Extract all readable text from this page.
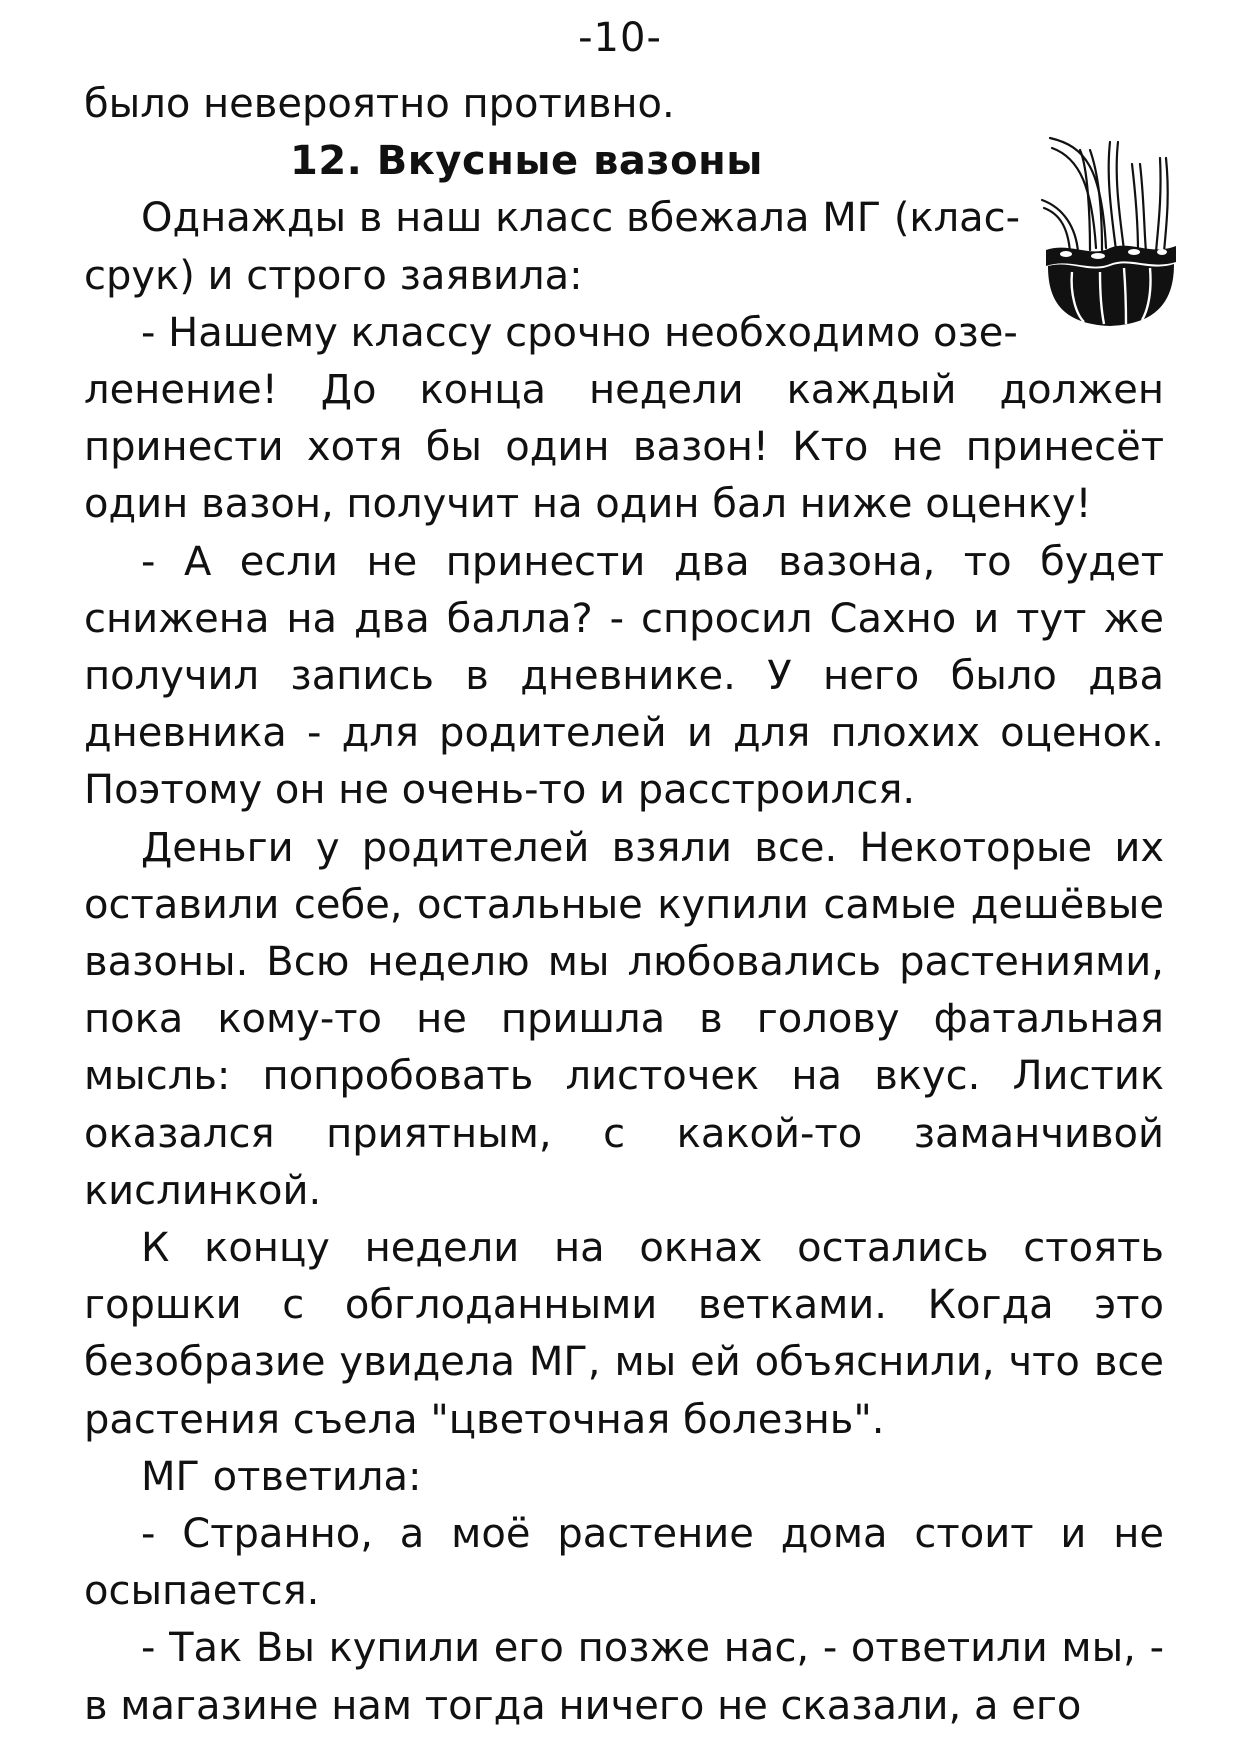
-10-

было невероятно противно.

12. Вкусные вазоны

Однажды в наш класс вбежала МГ (клас-

срук) и строго заявила:

- Нашему классу срочно необходимо озе-

ленение! До конца недели каждый должен принести хотя бы один вазон! Кто не принесёт один вазон, получит на один бал ниже оценку!

- А если не принести два вазона, то будет снижена на два балла? - спросил Сахно и тут же получил запись в дневнике. У него было два дневника - для родителей и для плохих оценок. Поэтому он не очень-то и расстроился.

Деньги у родителей взяли все. Некоторые их оставили себе, остальные купили самые дешёвые вазоны. Всю неделю мы любовались растениями, пока кому-то не пришла в голову фатальная мысль: попробовать листочек на вкус. Листик оказался приятным, с какой-то заманчивой кислинкой.

К концу недели на окнах остались стоять горшки с обглоданными ветками. Когда это безобразие увидела МГ, мы ей объяснили, что все растения съела "цветочная болезнь".

МГ ответила:

- Странно, а моё растение дома стоит и не осыпается.

- Так Вы купили его позже нас, - ответили мы, - в магазине нам тогда ничего не сказали, а его
